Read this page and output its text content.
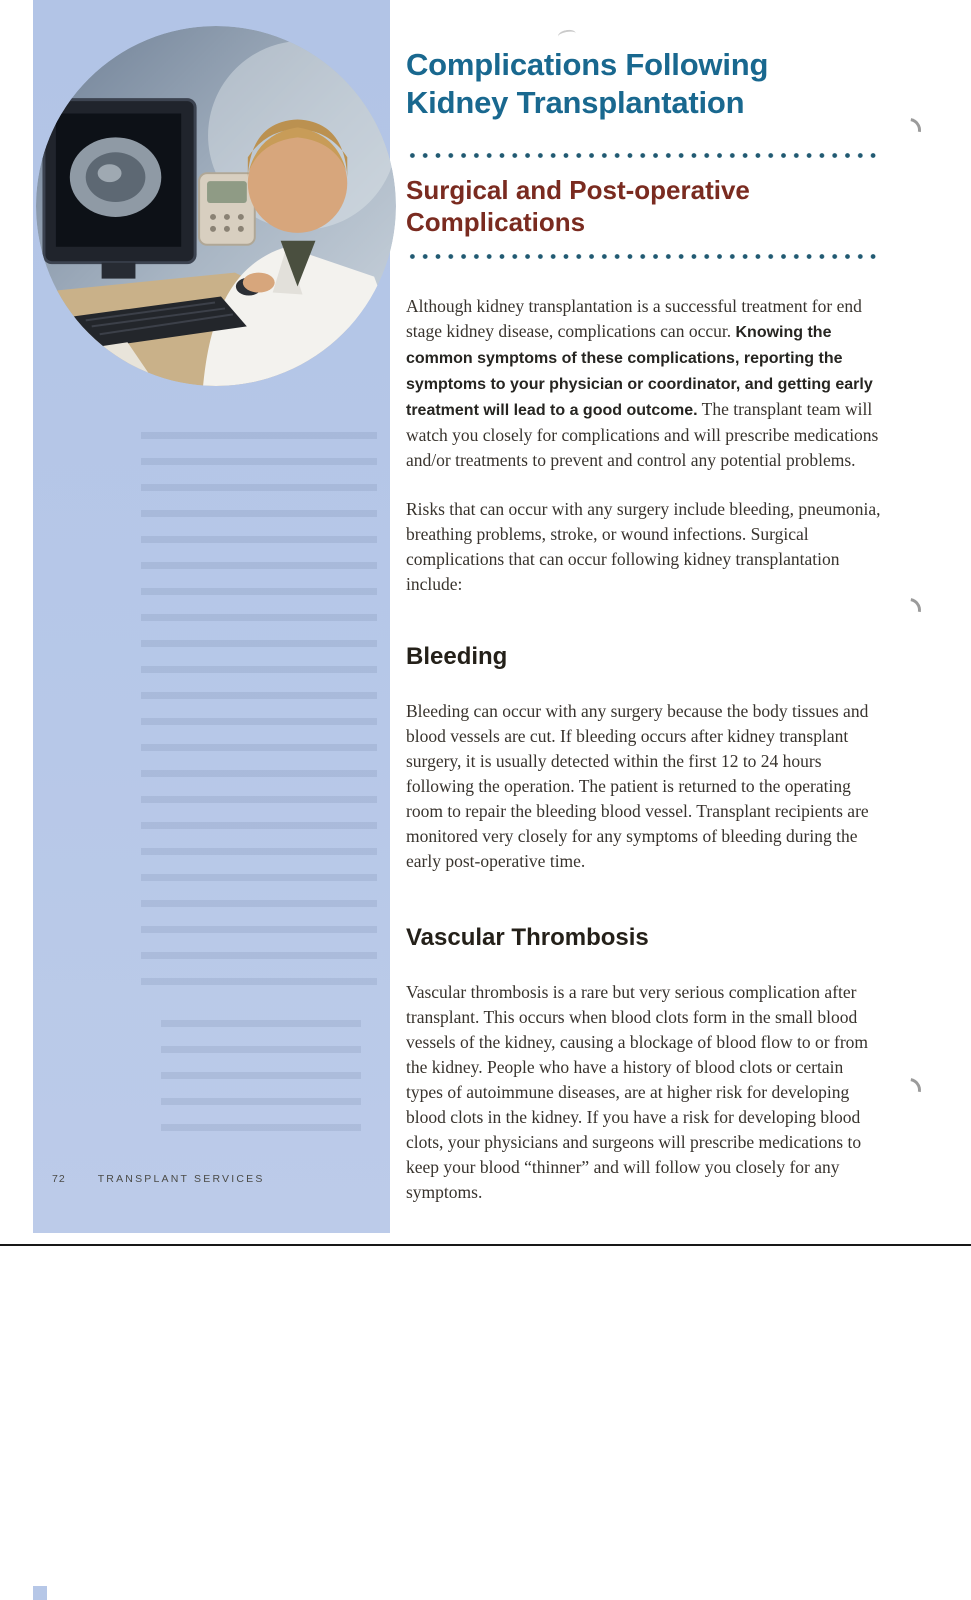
Complications Following
Kidney Transplantation
Surgical and Post-operative
Complications

Although kidney transplantation is a successful treatment for end stage kidney disease, complications can occur. Knowing the common symptoms of these complications, reporting the symptoms to your physician or coordinator, and getting early treatment will lead to a good outcome. The transplant team will watch you closely for complications and will prescribe medications and/or treatments to prevent and control any potential problems.

Risks that can occur with any surgery include bleeding, pneumonia, breathing problems, stroke, or wound infections. Surgical complications that can occur following kidney transplantation include:

Bleeding

Bleeding can occur with any surgery because the body tissues and blood vessels are cut. If bleeding occurs after kidney transplant surgery, it is usually detected within the first 12 to 24 hours following the operation. The patient is returned to the operating room to repair the bleeding blood vessel. Transplant recipients are monitored very closely for any symptoms of bleeding during the early post-operative time.

Vascular Thrombosis

Vascular thrombosis is a rare but very serious complication after transplant. This occurs when blood clots form in the small blood vessels of the kidney, causing a blockage of blood flow to or from the kidney. People who have a history of blood clots or certain types of autoimmune diseases, are at higher risk for developing blood clots in the kidney. If you have a risk for developing blood clots, your physicians and surgeons will prescribe medications to keep your blood “thinner” and will follow you closely for any symptoms.

72	TRANSPLANT SERVICES
